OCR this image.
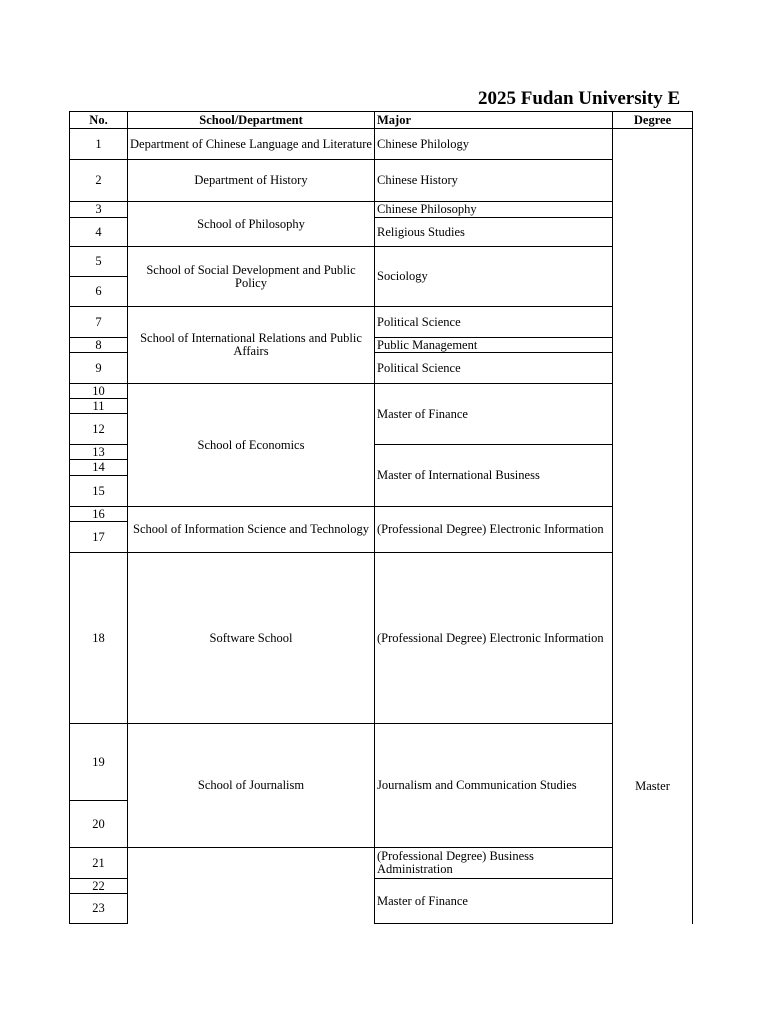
2025 Fudan University E
No.	School/Department	Major	Degree
1	Department of Chinese Language and Literature	Chinese Philology	Master
2	Department of History	Chinese History	
3	School of Philosophy	Chinese Philosophy	
4		Religious Studies	
5	School of Social Development and Public Policy	Sociology	
6			
7	School of International Relations and Public Affairs	Political Science	
8		Public Management	
9		Political Science	
10	School of Economics	Master of Finance	
11			
12			
13		Master of International Business	
14			
15			
16	School of Information Science and Technology	(Professional Degree) Electronic Information	
17			
18	Software School	(Professional Degree) Electronic Information	
19	School of Journalism	Journalism and Communication Studies	
20			
21		(Professional Degree) Business Administration	
22		Master of Finance	
23			
